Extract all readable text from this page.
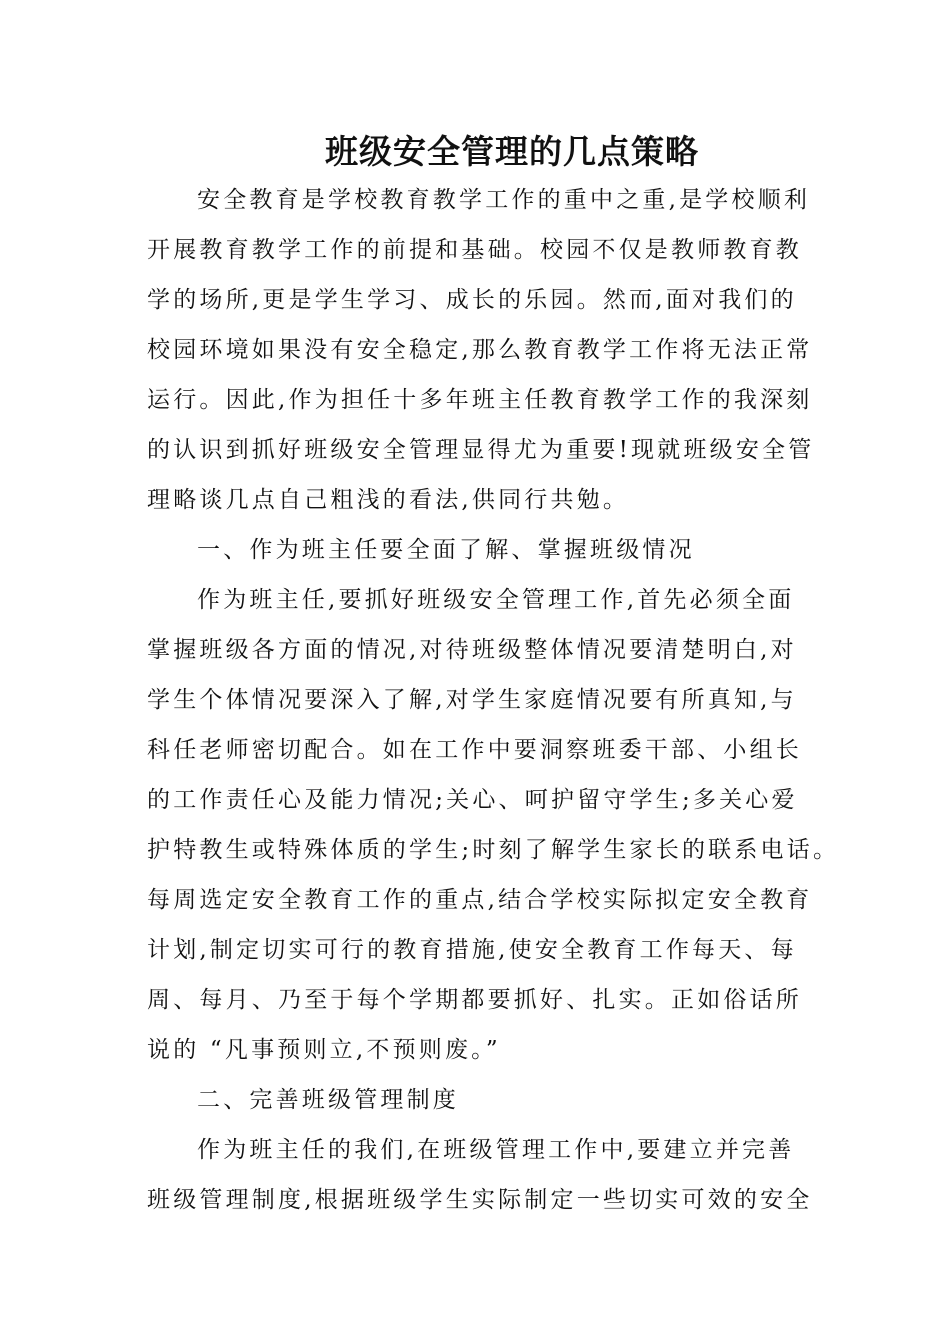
班级安全管理的几点策略
安全教育是学校教育教学工作的重中之重,是学校顺利
开展教育教学工作的前提和基础。校园不仅是教师教育教
学的场所,更是学生学习、成长的乐园。然而,面对我们的
校园环境如果没有安全稳定,那么教育教学工作将无法正常
运行。因此,作为担任十多年班主任教育教学工作的我深刻
的认识到抓好班级安全管理显得尤为重要!现就班级安全管
理略谈几点自己粗浅的看法,供同行共勉。
一、作为班主任要全面了解、掌握班级情况
作为班主任,要抓好班级安全管理工作,首先必须全面
掌握班级各方面的情况,对待班级整体情况要清楚明白,对
学生个体情况要深入了解,对学生家庭情况要有所真知,与
科任老师密切配合。如在工作中要洞察班委干部、小组长
的工作责任心及能力情况;关心、呵护留守学生;多关心爱
护特教生或特殊体质的学生;时刻了解学生家长的联系电话。
每周选定安全教育工作的重点,结合学校实际拟定安全教育
计划,制定切实可行的教育措施,使安全教育工作每天、每
周、每月、乃至于每个学期都要抓好、扎实。正如俗话所
说的 “凡事预则立,不预则废。”
二、完善班级管理制度
作为班主任的我们,在班级管理工作中,要建立并完善
班级管理制度,根据班级学生实际制定一些切实可效的安全
